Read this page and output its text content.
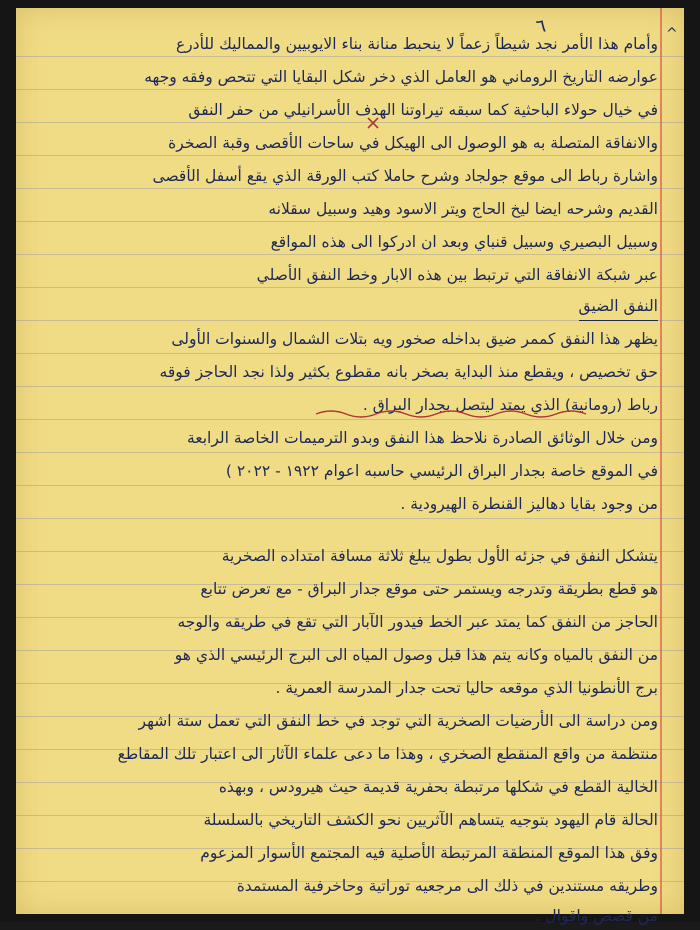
٦	^
وأمام هذا الأمر نجد شيطاً زعماً لا ينحبط منانة بناء الايوبيين والمماليك للأدرع
عوارضه التاريخ الروماني هو العامل الذي دخر شكل البقايا التي تتحص وفقه وجهه
في خيال حولاء الباحثية كما سبقه تيراوتنا الهدف الأسرانيلي من حفر النفق
والانفاقة المتصلة به هو الوصول الى الهيكل في ساحات الأقصى وقبة الصخرة
واشارة رباط الى موقع جولجاد وشرح حاملا كتب الورقة الذي يقع أسفل الأقصى
القديم وشرحه ايضا ليخ الحاج ويتر الاسود وهيد وسبيل سقلانه
وسبيل البصيري وسبيل قنباي وبعد ان ادركوا الى هذه المواقع
عبر شبكة الانفاقة التي ترتبط بين هذه الابار وخط النفق الأصلي
النفق الضيق
يظهر هذا النفق كممر ضيق بداخله صخور ويه بتلات الشمال والسنوات الأولى
حق تخصيص ، ويقطع منذ البداية بصخر بانه مقطوع بكثير ولذا نجد الحاجز فوقه
رباط (رومانية) الذي يمتد ليتصل بجدار البراق .
ومن خلال الوثائق الصادرة نلاحظ هذا النفق وبدو الترميمات الخاصة الرابعة
في الموقع خاصة بجدار البراق الرئيسي حاسبه اعوام ١٩٢٢ - ٢٠٢٢ )
من وجود بقايا دهاليز القنطرة الهيرودية .
يتشكل النفق في جزئه الأول بطول يبلغ ثلاثة مسافة امتداده الصخرية
هو قطع بطريقة وتدرجه ويستمر حتى موقع جدار البراق - مع تعرض تتابع
الحاجز من النفق كما يمتد عبر الخط فيدور الآبار التي تقع في طريقه والوجه
من النفق بالمياه وكانه يتم هذا قبل وصول المياه الى البرج الرئيسي الذي هو
برج الأنطونيا الذي موقعه حاليا تحت جدار المدرسة العمرية .
ومن دراسة الى الأرضيات الصخرية التي توجد في خط النفق التي تعمل ستة اشهر
منتظمة من واقع المنقطع الصخري ، وهذا ما دعى علماء الآثار الى اعتبار تلك المقاطع
الخالية القطع في شكلها مرتبطة بحفرية قديمة حيث هيرودس ، وبهذه
الحالة قام اليهود بتوجيه يتساهم الآثريين نحو الكشف التاريخي بالسلسلة
وفق هذا الموقع المنطقة المرتبطة الأصلية فيه المجتمع الأسوار المزعوم
وطريقه مستندين في ذلك الى مرجعيه توراتية وحاخرفية المستمدة
من قصص واقوال .
